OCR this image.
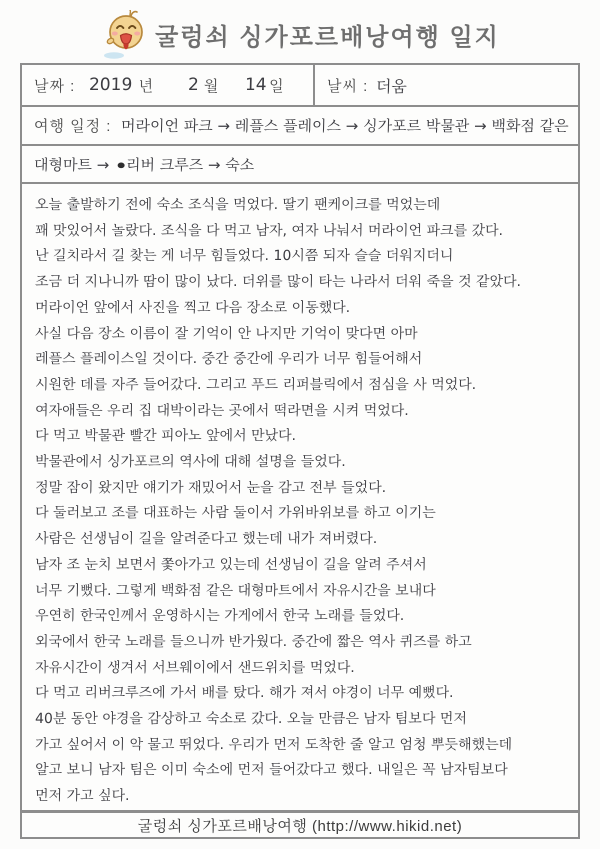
굴렁쇠 싱가포르배낭여행 일지
날짜 : 2019 년 2 월 14 일	날씨 : 더움
여행 일정 : 머라이언 파크 → 레플스 플레이스 → 싱가포르 박물관 → 백화점 같은
대형마트 → ● 리버 크루즈 → 숙소
오늘 출발하기 전에 숙소 조식을 먹었다. 딸기 팬케이크를 먹었는데
꽤 맛있어서 놀랐다. 조식을 다 먹고 남자, 여자 나눠서 머라이언 파크를 갔다.
난 길치라서 길 찾는 게 너무 힘들었다. 10시쯤 되자 슬슬 더워지더니
조금 더 지나니까 땀이 많이 났다. 더위를 많이 타는 나라서 더워 죽을 것 같았다.
머라이언 앞에서 사진을 찍고 다음 장소로 이동했다.
사실 다음 장소 이름이 잘 기억이 안 나지만 기억이 맞다면 아마
레플스 플레이스일 것이다. 중간 중간에 우리가 너무 힘들어해서
시원한 데를 자주 들어갔다. 그리고 푸드 리퍼블릭에서 점심을 사 먹었다.
여자애들은 우리 집 대박이라는 곳에서 떡라면을 시켜 먹었다.
다 먹고 박물관 빨간 피아노 앞에서 만났다.
박물관에서 싱가포르의 역사에 대해 설명을 들었다.
정말 잠이 왔지만 얘기가 재밌어서 눈을 감고 전부 들었다.
다 둘러보고 조를 대표하는 사람 둘이서 가위바위보를 하고 이기는
사람은 선생님이 길을 알려준다고 했는데 내가 져버렸다.
남자 조 눈치 보면서 쫓아가고 있는데 선생님이 길을 알려 주셔서
너무 기뻤다. 그렇게 백화점 같은 대형마트에서 자유시간을 보내다
우연히 한국인께서 운영하시는 가게에서 한국 노래를 들었다.
외국에서 한국 노래를 들으니까 반가웠다. 중간에 짧은 역사 퀴즈를 하고
자유시간이 생겨서 서브웨이에서 샌드위치를 먹었다.
다 먹고 리버크루즈에 가서 배를 탔다. 해가 져서 야경이 너무 예뻤다.
40분 동안 야경을 감상하고 숙소로 갔다. 오늘 만큼은 남자 팀보다 먼저
가고 싶어서 이 악 물고 뛰었다. 우리가 먼저 도착한 줄 알고 엄청 뿌듯해했는데
알고 보니 남자 팀은 이미 숙소에 먼저 들어갔다고 했다. 내일은 꼭 남자팀보다
먼저 가고 싶다.
굴렁쇠 싱가포르배낭여행 (http://www.hikid.net)
